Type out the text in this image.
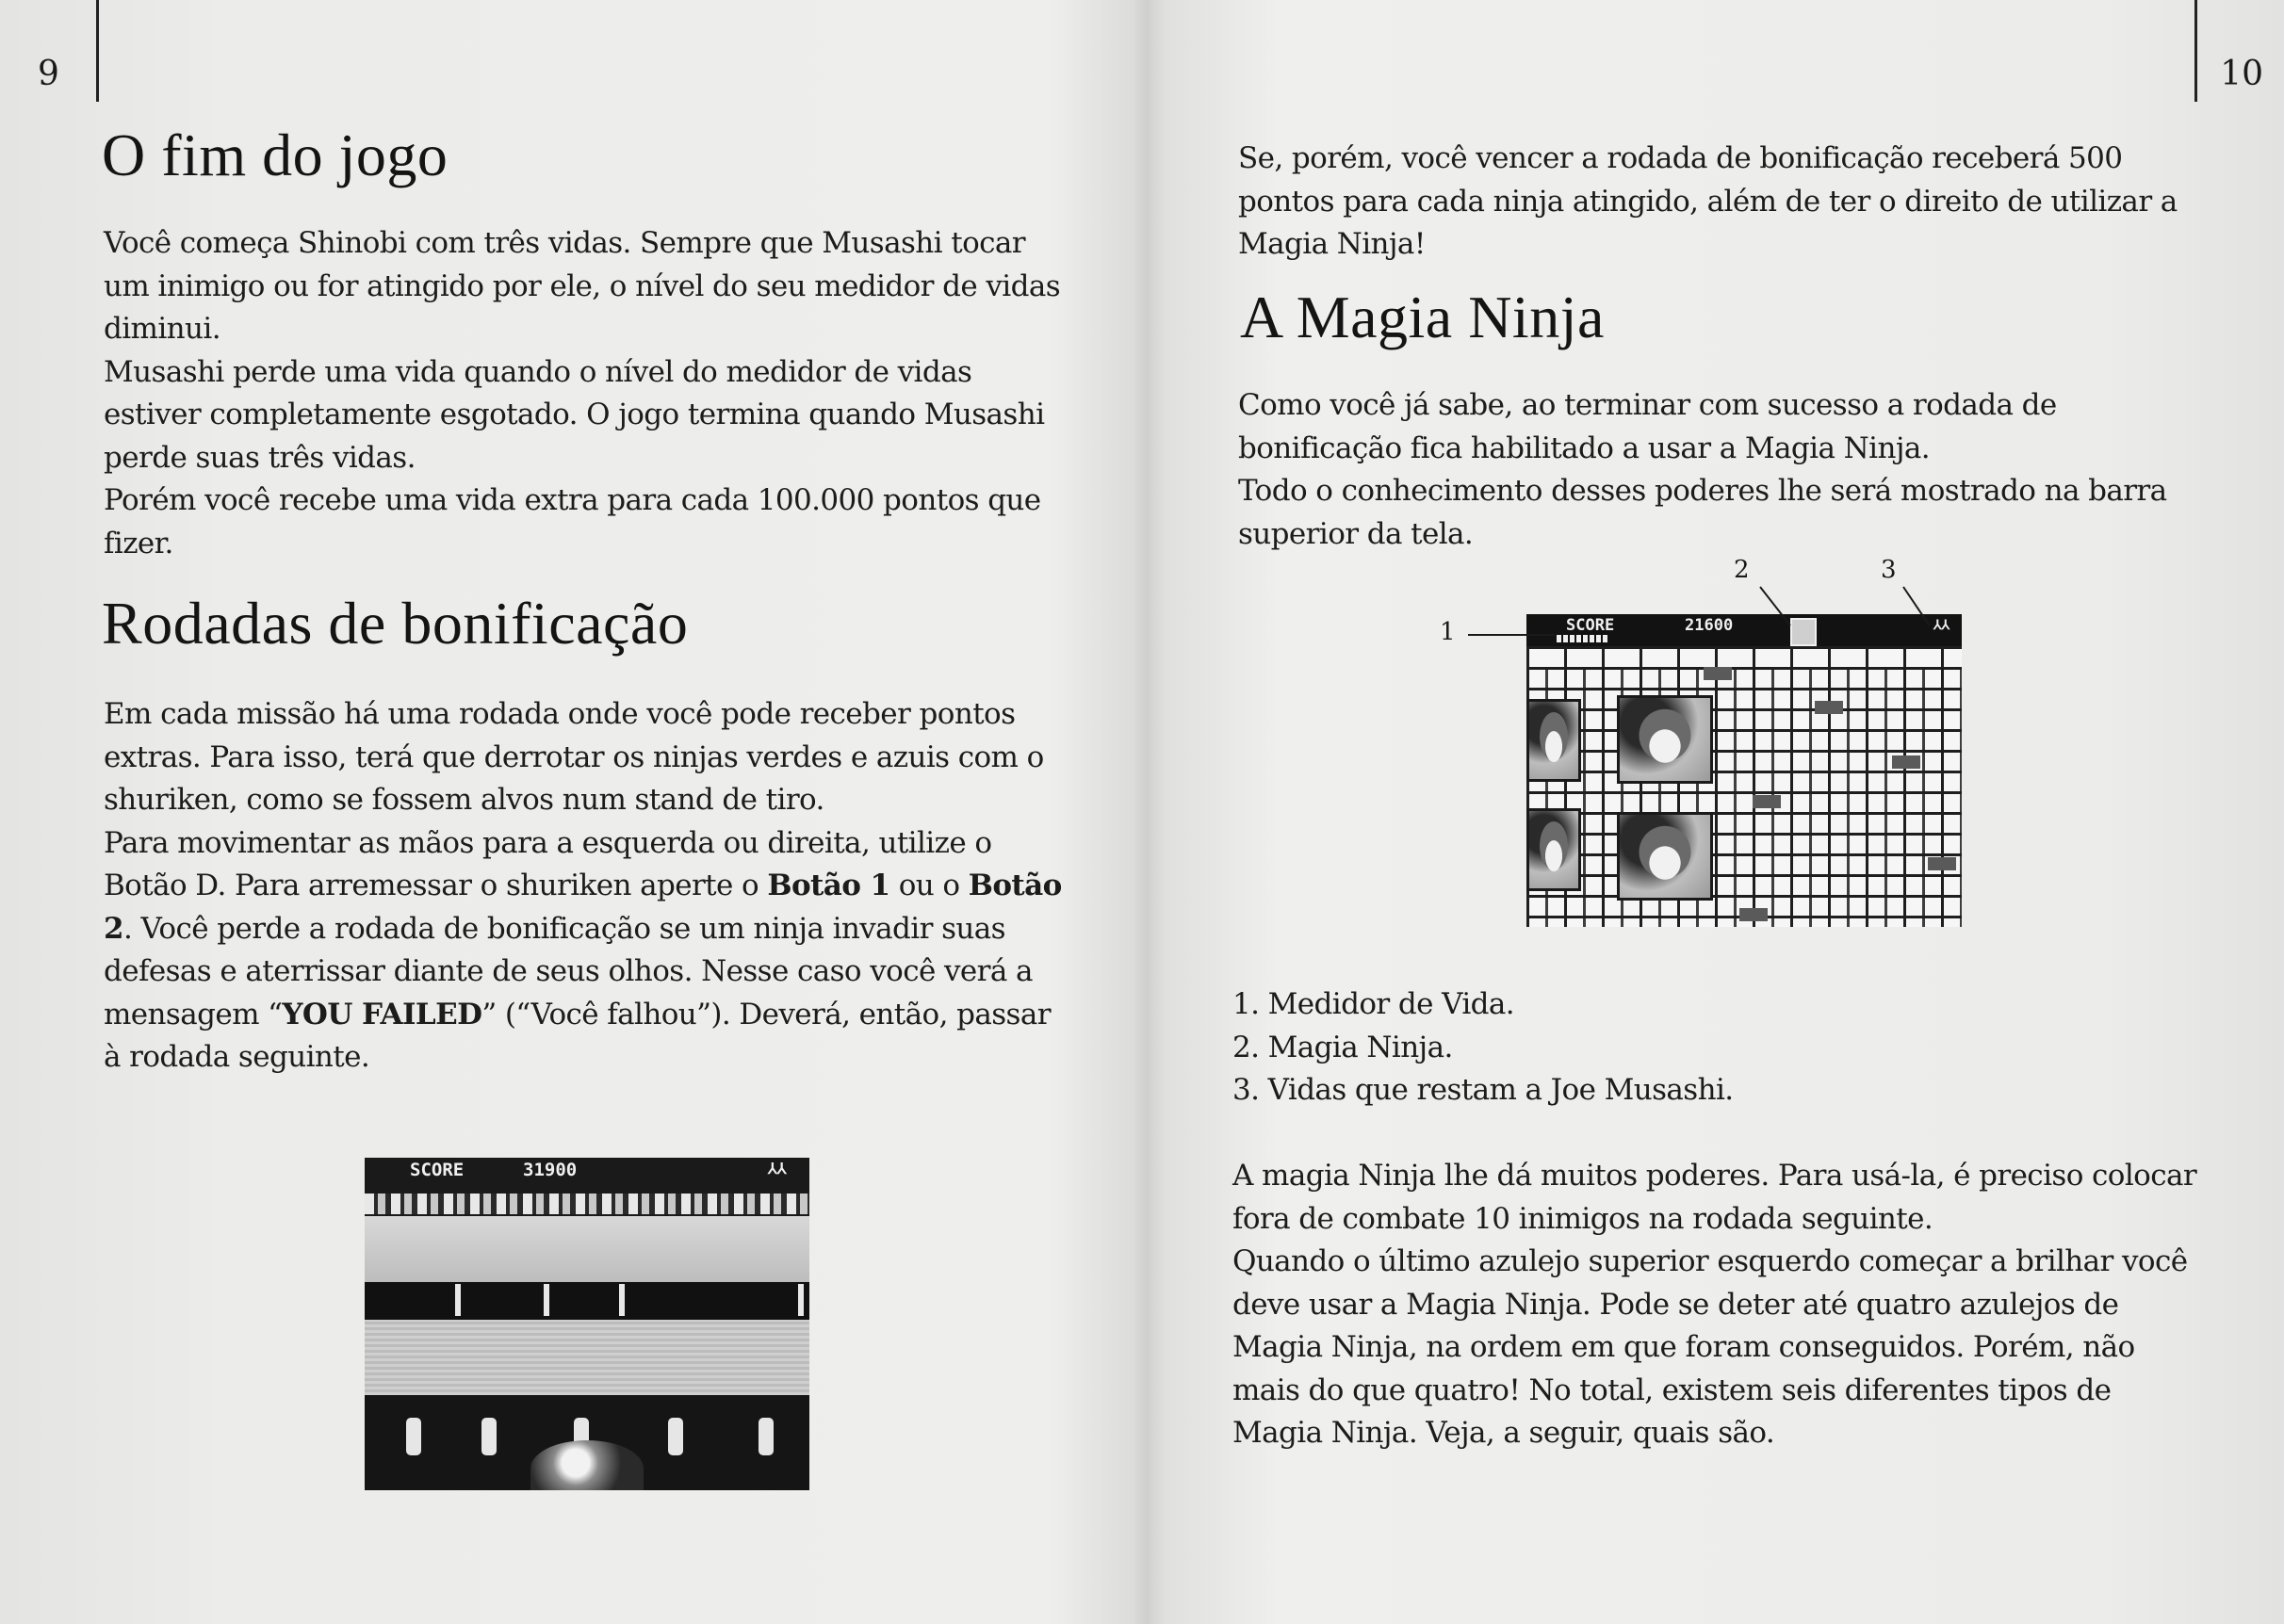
9
O fim do jogo

Você começa Shinobi com três vidas. Sempre que Musashi tocar um inimigo ou for atingido por ele, o nível do seu medidor de vidas diminui.
Musashi perde uma vida quando o nível do medidor de vidas estiver completamente esgotado. O jogo termina quando Musashi perde suas três vidas.
Porém você recebe uma vida extra para cada 100.000 pontos que fizer.

Rodadas de bonificação

Em cada missão há uma rodada onde você pode receber pontos extras. Para isso, terá que derrotar os ninjas verdes e azuis com o shuriken, como se fossem alvos num stand de tiro.

Para movimentar as mãos para a esquerda ou direita, utilize o Botão D. Para arremessar o shuriken aperte o Botão 1 ou o Botão 2. Você perde a rodada de bonificação se um ninja invadir suas defesas e aterrissar diante de seus olhos. Nesse caso você verá a mensagem “YOU FAILED” (“Você falhou”). Deverá, então, passar à rodada seguinte.

SCORE	31900	⅄⅄
10

Se, porém, você vencer a rodada de bonificação receberá 500 pontos para cada ninja atingido, além de ter o direito de utilizar a Magia Ninja!

A Magia Ninja

Como você já sabe, ao terminar com sucesso a rodada de bonificação fica habilitado a usar a Magia Ninja.
Todo o conhecimento desses poderes lhe será mostrado na barra superior da tela.

1. Medidor de Vida.

2. Magia Ninja.

3. Vidas que restam a Joe Musashi.

A magia Ninja lhe dá muitos poderes. Para usá-la, é preciso colocar fora de combate 10 inimigos na rodada seguinte.
Quando o último azulejo superior esquerdo começar a brilhar você deve usar a Magia Ninja. Pode se deter até quatro azulejos de Magia Ninja, na ordem em que foram conseguidos. Porém, não mais do que quatro! No total, existem seis diferentes tipos de Magia Ninja. Veja, a seguir, quais são.

SCORE	21600	⅄⅄
1
2	3
